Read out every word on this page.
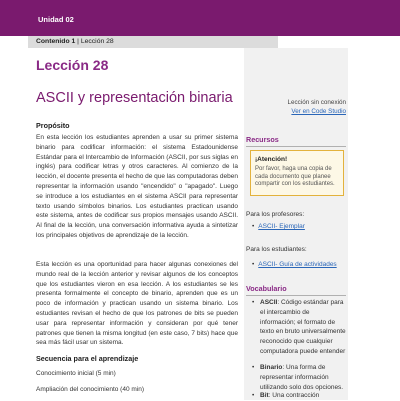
Unidad 02
Contenido 1 | Lección 28
Lección 28
ASCII y representación binaria	Lección sin conexión
Ver en Code Studio
Propósito
En esta lección los estudiantes aprenden a usar su primer sistema binario para codificar información: el sistema Estadounidense Estándar para el Intercambio de Información (ASCII, por sus siglas en inglés) para codificar letras y otros caracteres. Al comienzo de la lección, el docente presenta el hecho de que las computadoras deben representar la información usando "encendido" o "apagado". Luego se introduce a los estudiantes en el sistema ASCII para representar texto usando símbolos binarios. Los estudiantes practican usando este sistema, antes de codificar sus propios mensajes usando ASCII. Al final de la lección, una conversación informativa ayuda a sintetizar los principales objetivos de aprendizaje de la lección.
Esta lección es una oportunidad para hacer algunas conexiones del mundo real de la lección anterior y revisar algunos de los conceptos que los estudiantes vieron en esa lección. A los estudiantes se les presenta formalmente el concepto de binario, aprenden que es un poco de información y practican usando un sistema binario. Los estudiantes revisan el hecho de que los patrones de bits se pueden usar para representar información y consideran por qué tener patrones que tienen la misma longitud (en este caso, 7 bits) hace que sea más fácil usar un sistema.
Secuencia para el aprendizaje
Conocimiento inicial (5 min)
Ampliación del conocimiento (40 min)
Recursos
¡Atención!
Por favor, haga una copia de cada documento que planee compartir con los estudiantes.
Para los profesores:
• ASCII- Ejemplar
Para los estudiantes:
• ASCII- Guía de actividades
Vocabulario
• ASCII: Código estándar para el intercambio de información; el formato de texto en bruto universalmente reconocido que cualquier computadora puede entender
• Binario: Una forma de representar información utilizando solo dos opciones.
• Bit: Una contracción
